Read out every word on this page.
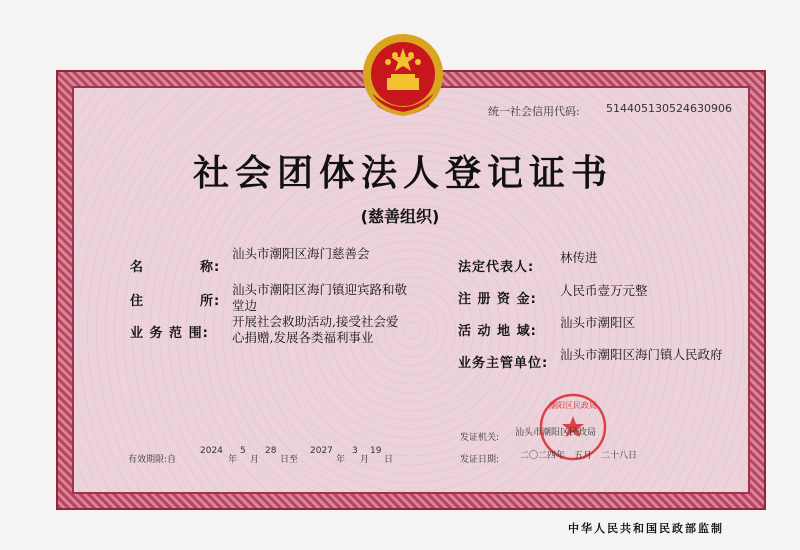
统一社会信用代码: 514405130524630906
社会团体法人登记证书
(慈善组织)
名　　　　称:
汕头市潮阳区海门慈善会
住　　　　所:
汕头市潮阳区海门镇迎宾路和敬
堂边
业 务 范 围:
开展社会救助活动,接受社会爱
心捐赠,发展各类福利事业
法定代表人:
林传进
注 册 资 金:
人民币壹万元整
活 动 地 域:
汕头市潮阳区
业务主管单位:
汕头市潮阳区海门镇人民政府
有效期限:自
2024
年
5
月
28
日至
2027
年
3
月
19
日
潮阳区民政局
发证机关: 汕头市潮阳区民政局
发证日期: 二〇二四年　五月　二十八日
中华人民共和国民政部监制
